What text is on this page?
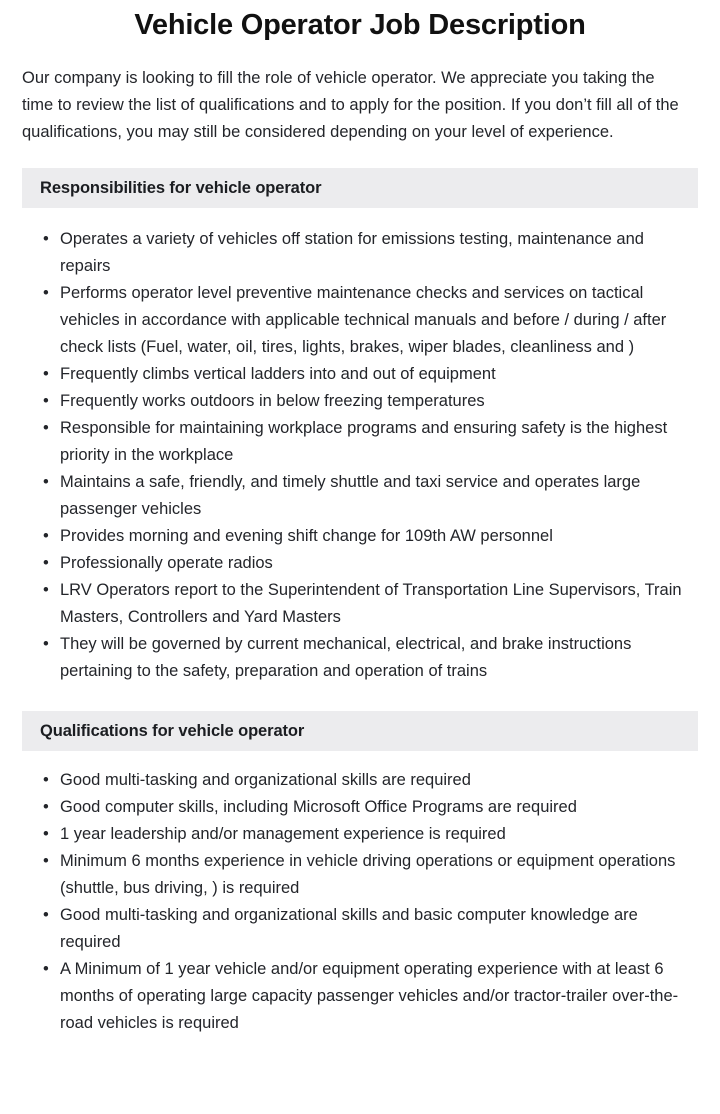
Vehicle Operator Job Description

Our company is looking to fill the role of vehicle operator. We appreciate you taking the time to review the list of qualifications and to apply for the position. If you don’t fill all of the qualifications, you may still be considered depending on your level of experience.

Responsibilities for vehicle operator
• Operates a variety of vehicles off station for emissions testing, maintenance and repairs
• Performs operator level preventive maintenance checks and services on tactical vehicles in accordance with applicable technical manuals and before / during / after check lists (Fuel, water, oil, tires, lights, brakes, wiper blades, cleanliness and )
• Frequently climbs vertical ladders into and out of equipment
• Frequently works outdoors in below freezing temperatures
• Responsible for maintaining workplace programs and ensuring safety is the highest priority in the workplace
• Maintains a safe, friendly, and timely shuttle and taxi service and operates large passenger vehicles
• Provides morning and evening shift change for 109th AW personnel
• Professionally operate radios
• LRV Operators report to the Superintendent of Transportation Line Supervisors, Train Masters, Controllers and Yard Masters
• They will be governed by current mechanical, electrical, and brake instructions pertaining to the safety, preparation and operation of trains
Qualifications for vehicle operator
• Good multi-tasking and organizational skills are required
• Good computer skills, including Microsoft Office Programs are required
• 1 year leadership and/or management experience is required
• Minimum 6 months experience in vehicle driving operations or equipment operations (shuttle, bus driving, ) is required
• Good multi-tasking and organizational skills and basic computer knowledge are required
• A Minimum of 1 year vehicle and/or equipment operating experience with at least 6 months of operating large capacity passenger vehicles and/or tractor-trailer over-the-road vehicles is required
